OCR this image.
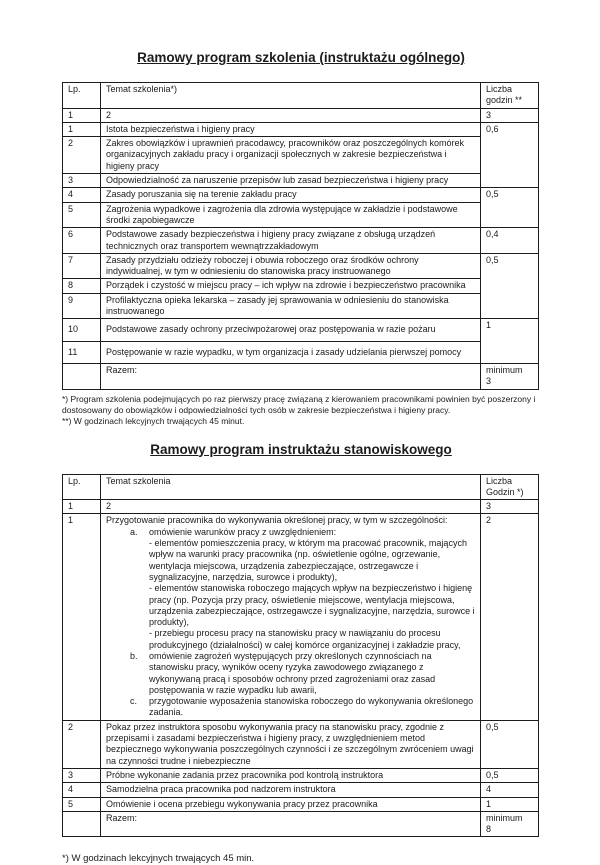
Ramowy program szkolenia (instruktażu ogólnego)
Lp.	Temat szkolenia*)	Liczba godzin **
1	2	3
1	Istota bezpieczeństwa i higieny pracy	0,6
2	Zakres obowiązków i uprawnień pracodawcy, pracowników oraz poszczególnych komórek organizacyjnych zakładu pracy i organizacji społecznych w zakresie bezpieczeństwa i higieny pracy	
3	Odpowiedzialność za naruszenie przepisów lub zasad bezpieczeństwa i higieny pracy	
4	Zasady poruszania się na terenie zakładu pracy	0,5
5	Zagrożenia wypadkowe i zagrożenia dla zdrowia występujące w zakładzie i podstawowe środki zapobiegawcze	
6	Podstawowe zasady bezpieczeństwa i higieny pracy związane z obsługą urządzeń technicznych oraz transportem wewnątrzzakładowym	0,4
7	Zasady przydziału odzieży roboczej i obuwia roboczego oraz środków ochrony indywidualnej, w tym w odniesieniu do stanowiska pracy instruowanego	0,5
8	Porządek i czystość w miejscu pracy – ich wpływ na zdrowie i bezpieczeństwo pracownika	
9	Profilaktyczna opieka lekarska – zasady jej sprawowania w odniesieniu do stanowiska instruowanego	
10	Podstawowe zasady ochrony przeciwpożarowej oraz postępowania w razie pożaru	1
11	Postępowanie w razie wypadku, w tym organizacja i zasady udzielania pierwszej pomocy	
	Razem:	minimum
3
*) Program szkolenia podejmujących po raz pierwszy pracę związaną z kierowaniem pracownikami powinien być poszerzony i dostosowany do obowiązków i odpowiedzialności tych osób w zakresie bezpieczeństwa i higieny pracy.
**) W godzinach lekcyjnych trwających 45 minut.
Ramowy program instruktażu stanowiskowego
Lp.	Temat szkolenia	Liczba Godzin *)
1	2	3
1	Przygotowanie pracownika do wykonywania określonej pracy, w tym w szczególności:
a.	omówienie warunków pracy z uwzględnieniem:
- elementów pomieszczenia pracy, w którym ma pracować pracownik, mających wpływ na warunki pracy pracownika (np. oświetlenie ogólne, ogrzewanie, wentylacja miejscowa, urządzenia zabezpieczające, ostrzegawcze i sygnalizacyjne, narzędzia, surowce i produkty),
- elementów stanowiska roboczego mających wpływ na bezpieczeństwo i higienę pracy (np. Pozycja przy pracy, oświetlenie miejscowe, wentylacja miejscowa, urządzenia zabezpieczające, ostrzegawcze i sygnalizacyjne, narzędzia, surowce i produkty),
- przebiegu procesu pracy na stanowisku pracy w nawiązaniu do procesu produkcyjnego (działalności) w całej komórce organizacyjnej i zakładzie pracy,
b.	omówienie zagrożeń występujących przy określonych czynnościach na stanowisku pracy, wyników oceny ryzyka zawodowego związanego z wykonywaną pracą i sposobów ochrony przed zagrożeniami oraz zasad postępowania w razie wypadku lub awarii,
c.	przygotowanie wyposażenia stanowiska roboczego do wykonywania określonego zadania.
	2
2	Pokaz przez instruktora sposobu wykonywania pracy na stanowisku pracy, zgodnie z przepisami i zasadami bezpieczeństwa i higieny pracy, z uwzględnieniem metod bezpiecznego wykonywania poszczególnych czynności i ze szczególnym zwróceniem uwagi na czynności trudne i niebezpieczne	0,5
3	Próbne wykonanie zadania przez pracownika pod kontrolą instruktora	0,5
4	Samodzielna praca pracownika pod nadzorem instruktora	4
5	Omówienie i ocena przebiegu wykonywania pracy przez pracownika	1
	Razem:	minimum
8
*) W godzinach lekcyjnych trwających 45 min.
